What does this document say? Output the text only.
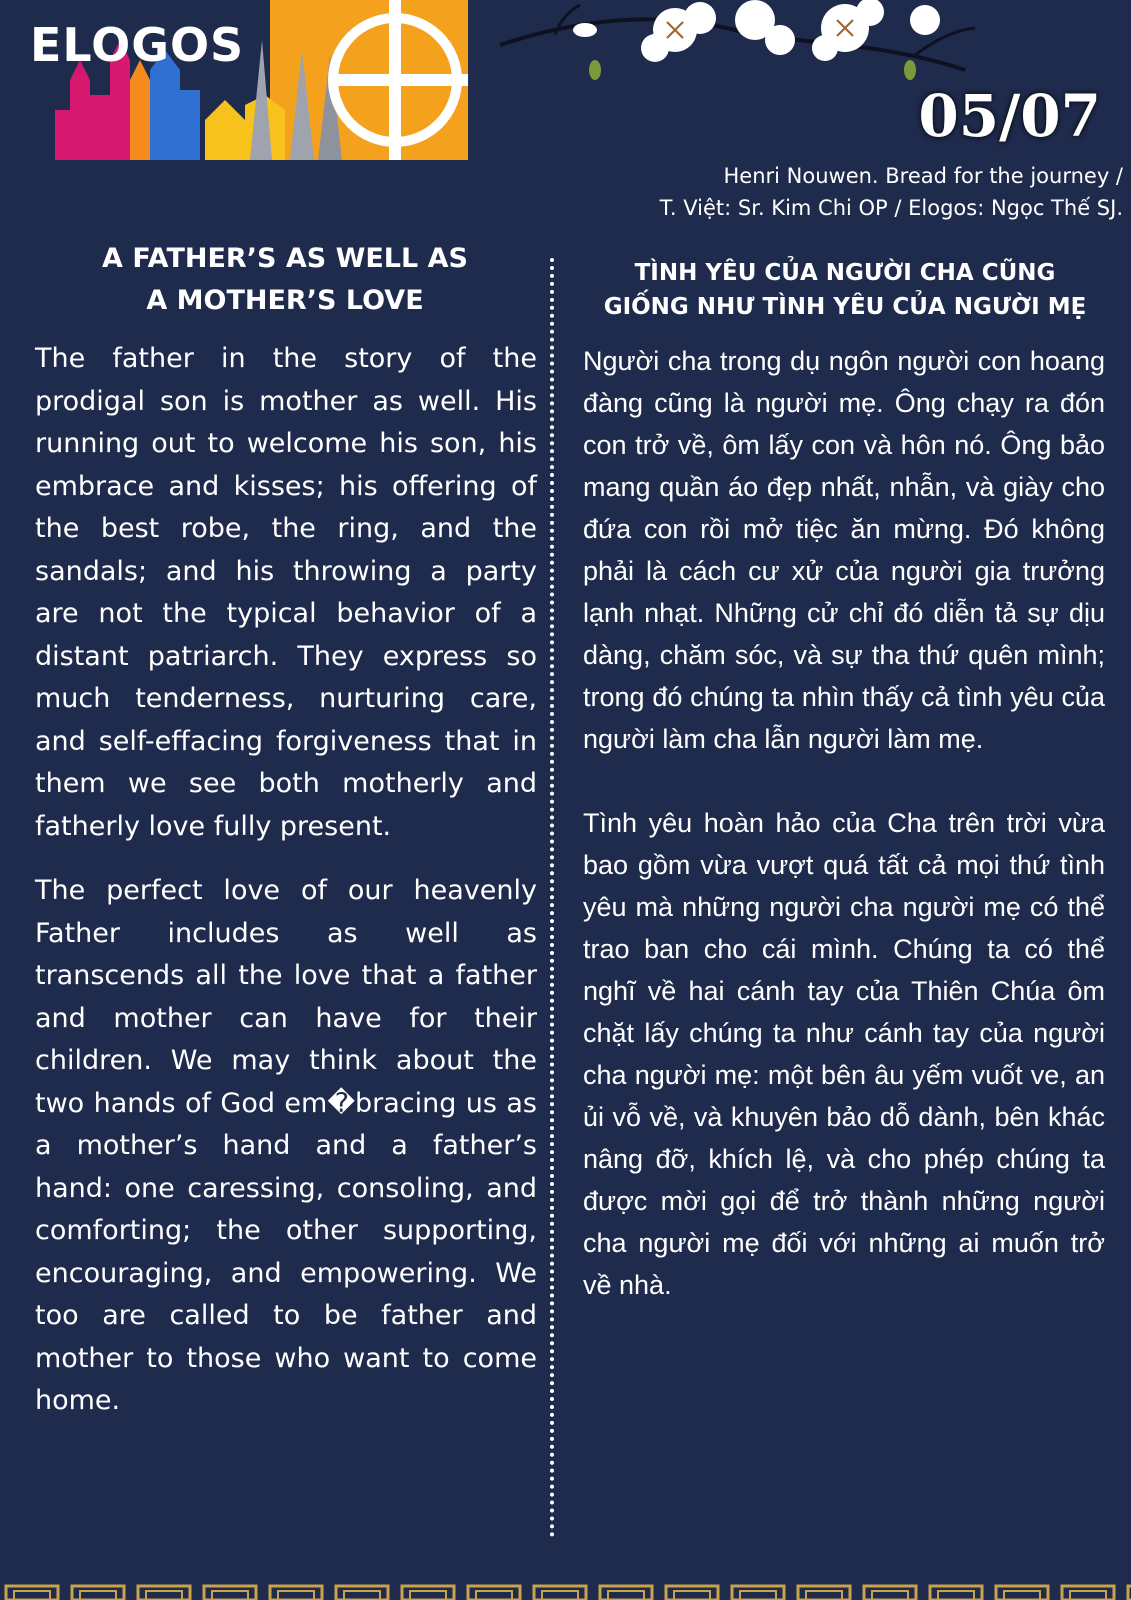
ELOGOS
05/07
Henri Nouwen. Bread for the journey /
T. Việt: Sr. Kim Chi OP / Elogos: Ngọc Thế SJ.
A FATHER’S AS WELL AS
A MOTHER’S LOVE
TÌNH YÊU CỦA NGƯỜI CHA CŨNG
GIỐNG NHƯ TÌNH YÊU CỦA NGƯỜI MẸ

The father in the story of the prodigal son is mother as well. His running out to welcome his son, his embrace and kisses; his offering of the best robe, the ring, and the sandals; and his throwing a party are not the typical behavior of a distant patriarch. They express so much tenderness, nurturing care, and self-effacing forgiveness that in them we see both motherly and fatherly love fully present.

The perfect love of our heavenly Father includes as well as transcends all the love that a father and mother can have for their children. We may think about the two hands of God em�bracing us as a mother’s hand and a father’s hand: one caressing, consoling, and comforting; the other supporting, encouraging, and empowering. We too are called to be father and mother to those who want to come home.

Người cha trong dụ ngôn người con hoang đàng cũng là người mẹ. Ông chạy ra đón con trở về, ôm lấy con và hôn nó. Ông bảo mang quần áo đẹp nhất, nhẫn, và giày cho đứa con rồi mở tiệc ăn mừng. Đó không phải là cách cư xử của người gia trưởng lạnh nhạt. Những cử chỉ đó diễn tả sự dịu dàng, chăm sóc, và sự tha thứ quên mình; trong đó chúng ta nhìn thấy cả tình yêu của người làm cha lẫn người làm mẹ.

Tình yêu hoàn hảo của Cha trên trời vừa bao gồm vừa vượt quá tất cả mọi thứ tình yêu mà những người cha người mẹ có thể trao ban cho cái mình. Chúng ta có thể nghĩ về hai cánh tay của Thiên Chúa ôm chặt lấy chúng ta như cánh tay của người cha người mẹ: một bên âu yếm vuốt ve, an ủi vỗ về, và khuyên bảo dỗ dành, bên khác nâng đỡ, khích lệ, và cho phép chúng ta được mời gọi để trở thành những người cha người mẹ đối với những ai muốn trở về nhà.
